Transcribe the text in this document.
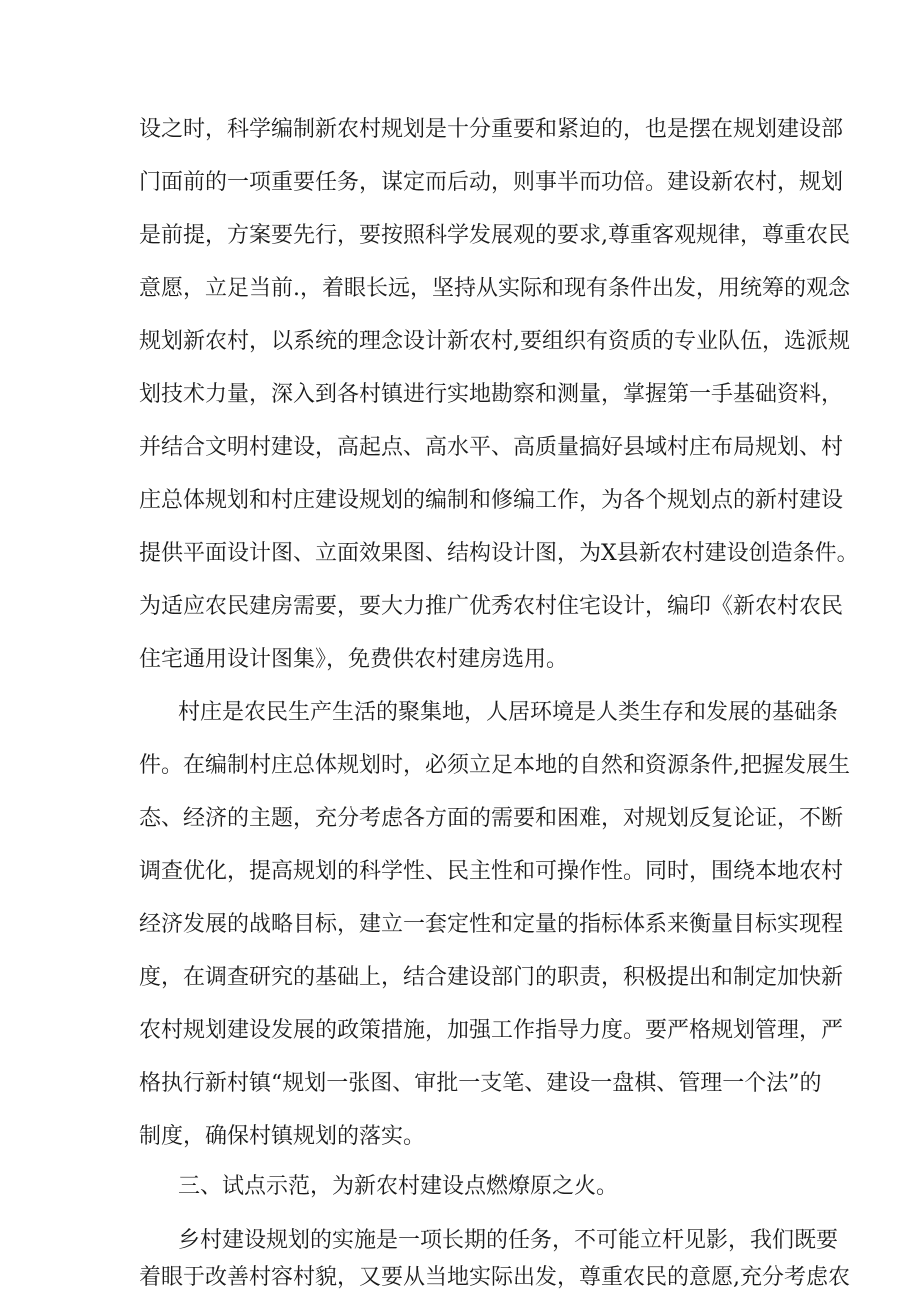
设之时，科学编制新农村规划是十分重要和紧迫的，也是摆在规划建设部
门面前的一项重要任务，谋定而后动，则事半而功倍。建设新农村，规划
是前提，方案要先行，要按照科学发展观的要求,尊重客观规律，尊重农民
意愿，立足当前.，着眼长远，坚持从实际和现有条件出发，用统筹的观念
规划新农村，以系统的理念设计新农村,要组织有资质的专业队伍，选派规
划技术力量，深入到各村镇进行实地勘察和测量，掌握第一手基础资料，
并结合文明村建设，高起点、高水平、高质量搞好县域村庄布局规划、村
庄总体规划和村庄建设规划的编制和修编工作，为各个规划点的新村建设
提供平面设计图、立面效果图、结构设计图，为X县新农村建设创造条件。
为适应农民建房需要，要大力推广优秀农村住宅设计，编印《新农村农民
住宅通用设计图集》，免费供农村建房选用。
村庄是农民生产生活的聚集地，人居环境是人类生存和发展的基础条
件。在编制村庄总体规划时，必须立足本地的自然和资源条件,把握发展生
态、经济的主题，充分考虑各方面的需要和困难，对规划反复论证，不断
调查优化，提高规划的科学性、民主性和可操作性。同时，围绕本地农村
经济发展的战略目标，建立一套定性和定量的指标体系来衡量目标实现程
度，在调查研究的基础上，结合建设部门的职责，积极提出和制定加快新
农村规划建设发展的政策措施，加强工作指导力度。要严格规划管理，严
格执行新村镇“规划一张图、审批一支笔、建设一盘棋、管理一个法”的
制度，确保村镇规划的落实。
三、试点示范，为新农村建设点燃燎原之火。
乡村建设规划的实施是一项长期的任务，不可能立杆见影，我们既要
着眼于改善村容村貌，又要从当地实际出发，尊重农民的意愿,充分考虑农
